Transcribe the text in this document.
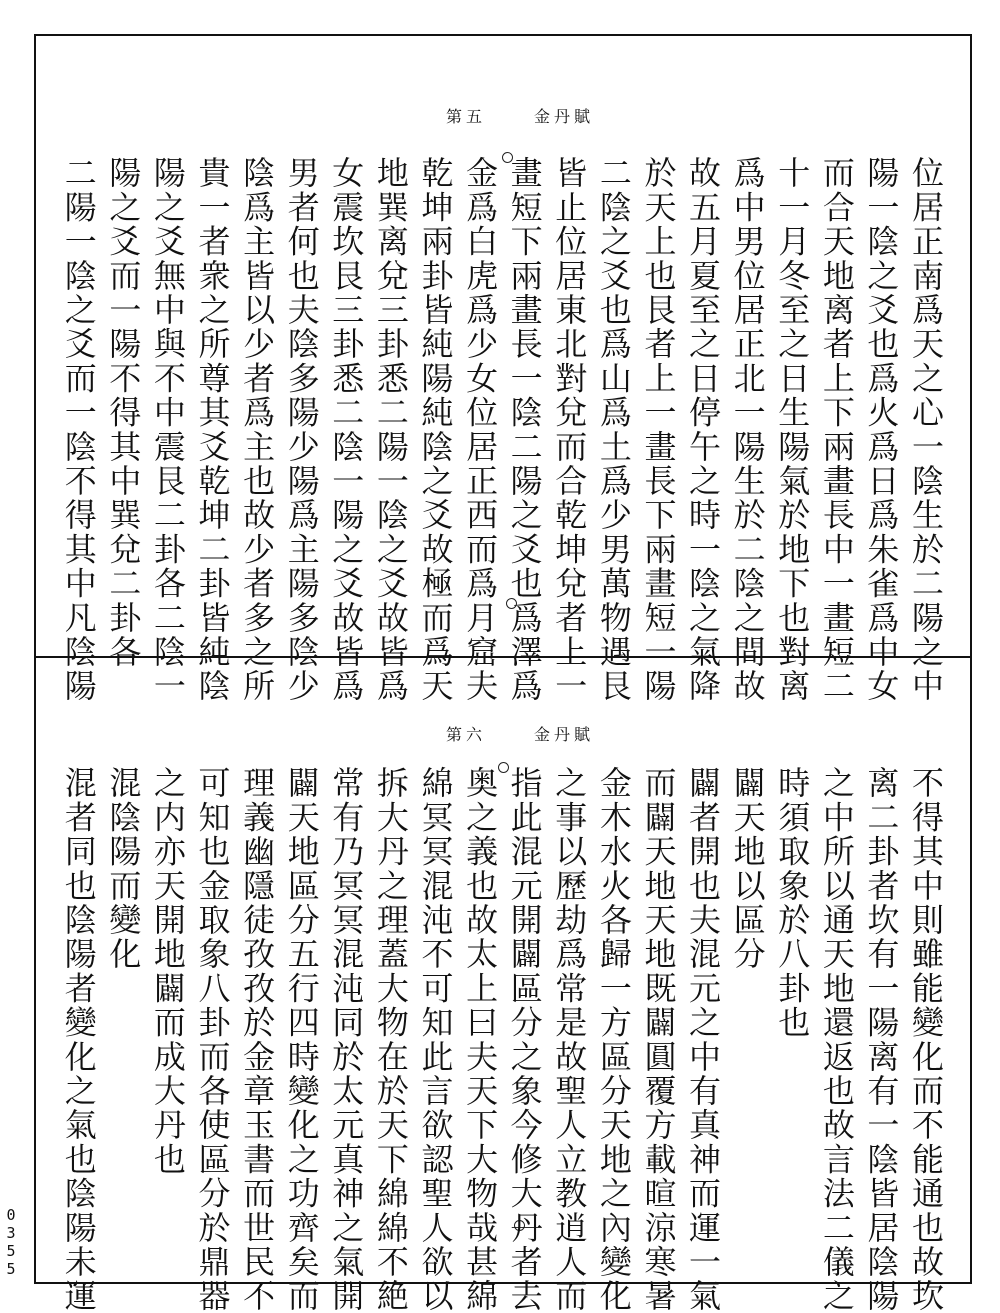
金丹賦
第五
位居正南爲天之心一陰生於二陽之中
陽一陰之爻也爲火爲日爲朱雀爲中女
而合天地离者上下兩畫長中一畫短二
十一月冬至之日生陽氣於地下也對离
爲中男位居正北一陽生於二陰之間故
故五月夏至之日停午之時一陰之氣降
於天上也艮者上一畫長下兩畫短一陽
二陰之爻也爲山爲土爲少男萬物遇艮
皆止位居東北對兌而合乾坤兌者上一
畫短下兩畫長一陰二陽之爻也爲澤爲
金爲白虎爲少女位居正西而爲月窟夫
乾坤兩卦皆純陽純陰之爻故極而爲天
地巽离兌三卦悉二陽一陰之爻故皆爲
女震坎艮三卦悉二陰一陽之爻故皆爲
男者何也夫陰多陽少陽爲主陽多陰少
陰爲主皆以少者爲主也故少者多之所
貴一者衆之所尊其爻乾坤二卦皆純陰
陽之爻無中與不中震艮二卦各二陰一
陽之爻而一陽不得其中巽兌二卦各
二陽一陰之爻而一陰不得其中凡陰陽
金丹賦
第六
不得其中則雖能變化而不能通也故坎
离二卦者坎有一陽离有一陰皆居陰陽
之中所以通天地還返也故言法二儀之
時須取象於八卦也
闢天地以區分
闢者開也夫混元之中有真神而運一氣
而闢天地天地既闢圓覆方載暄涼寒暑
金木水火各歸一方區分天地之內變化
之事以歷劫爲常是故聖人立教逍人而
指此混元開闢區分之象今修大丹者去
奥之義也故太上曰夫天下大物哉甚綿
綿冥冥混沌不可知此言欲認聖人欲以
拆大丹之理蓋大物在於天下綿綿不絶
常有乃冥冥混沌同於太元真神之氣開
闢天地區分五行四時變化之功齊矣而
理義幽隱徒孜孜於金章玉書而世民不
可知也金取象八卦而各使區分於鼎器
之内亦天開地闢而成大丹也
混陰陽而變化
混者同也陰陽者變化之氣也陰陽未運
0355
